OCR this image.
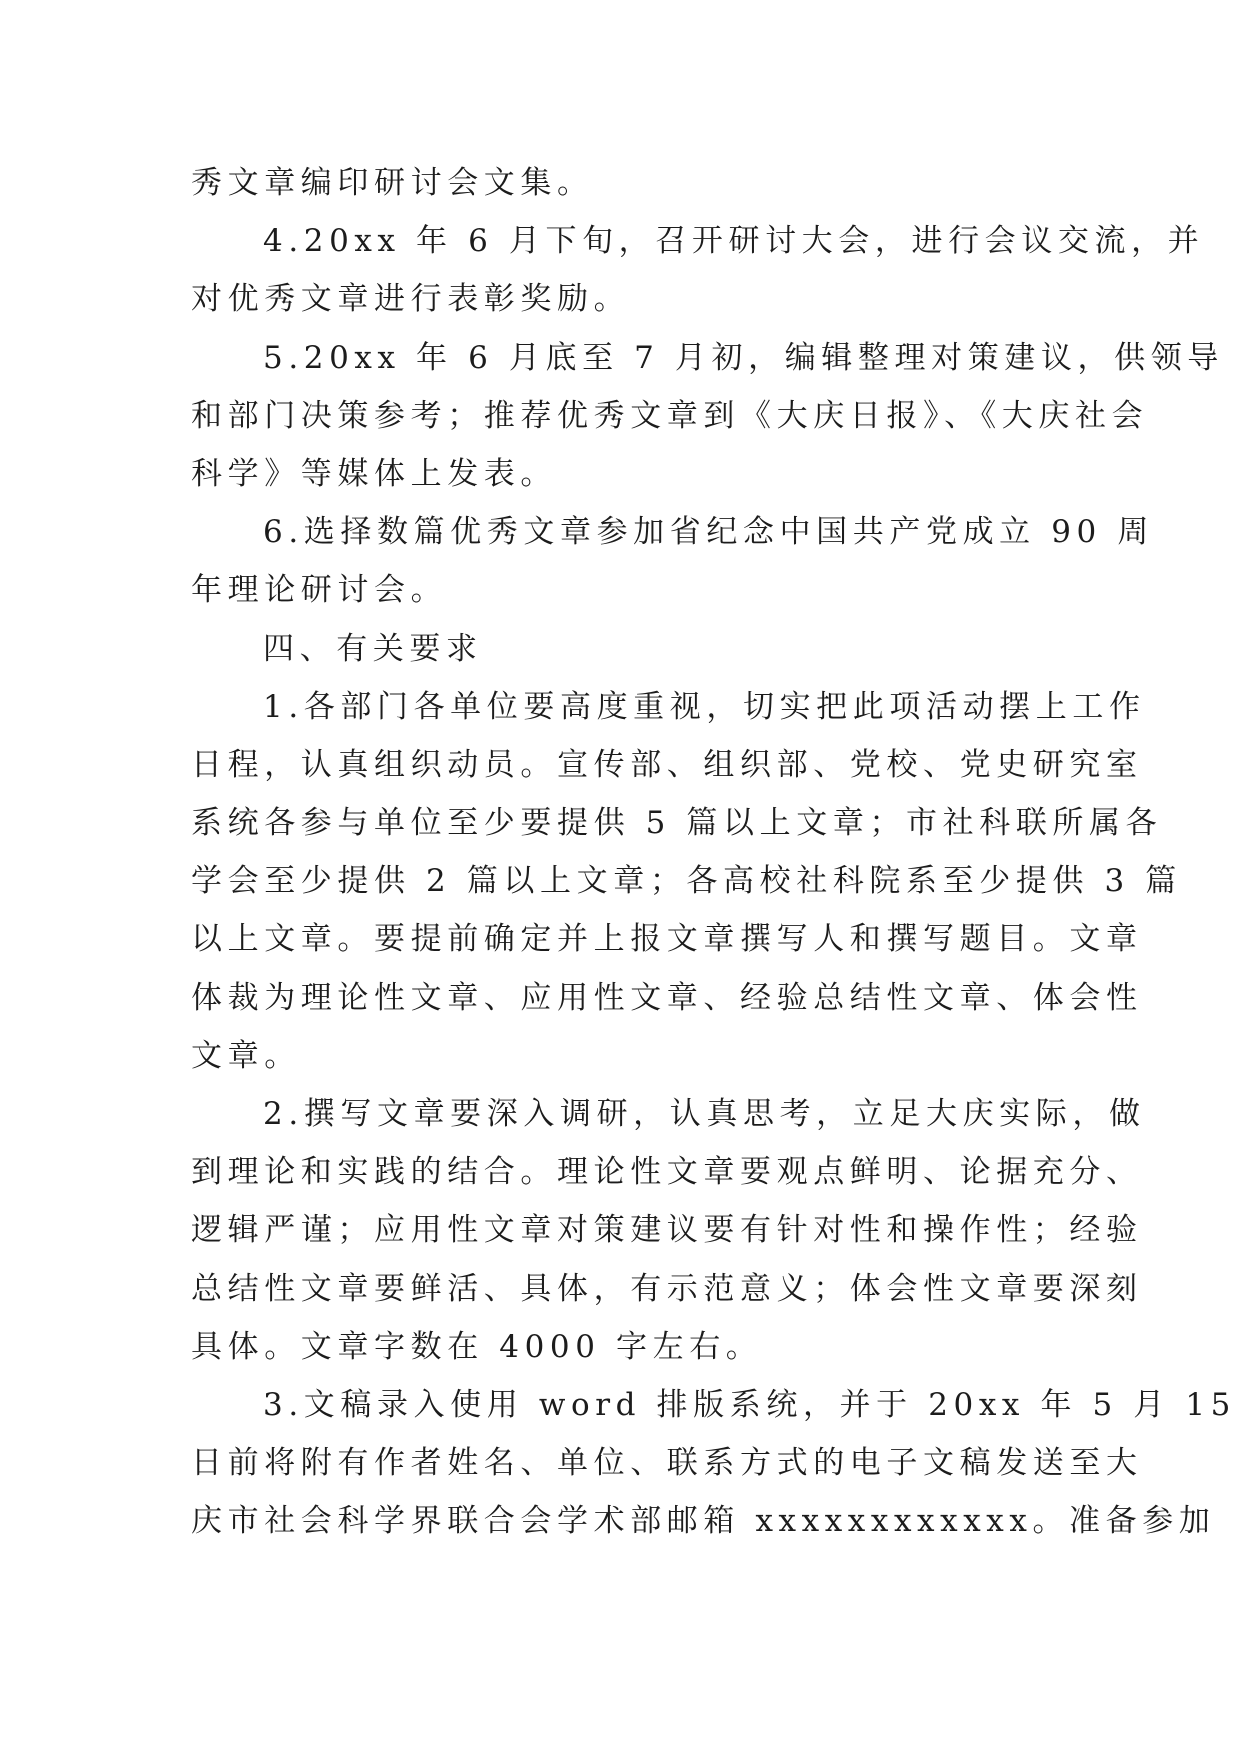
秀文章编印研讨会文集。
4.20xx 年 6 月下旬，召开研讨大会，进行会议交流，并
对优秀文章进行表彰奖励。
5.20xx 年 6 月底至 7 月初，编辑整理对策建议，供领导
和部门决策参考；推荐优秀文章到《大庆日报》、《大庆社会
科学》等媒体上发表。
6.选择数篇优秀文章参加省纪念中国共产党成立 90 周
年理论研讨会。
四、有关要求
1.各部门各单位要高度重视，切实把此项活动摆上工作
日程，认真组织动员。宣传部、组织部、党校、党史研究室
系统各参与单位至少要提供 5 篇以上文章；市社科联所属各
学会至少提供 2 篇以上文章；各高校社科院系至少提供 3 篇
以上文章。要提前确定并上报文章撰写人和撰写题目。文章
体裁为理论性文章、应用性文章、经验总结性文章、体会性
文章。
2.撰写文章要深入调研，认真思考，立足大庆实际，做
到理论和实践的结合。理论性文章要观点鲜明、论据充分、
逻辑严谨；应用性文章对策建议要有针对性和操作性；经验
总结性文章要鲜活、具体，有示范意义；体会性文章要深刻
具体。文章字数在 4000 字左右。
3.文稿录入使用 word 排版系统，并于 20xx 年 5 月 15
日前将附有作者姓名、单位、联系方式的电子文稿发送至大
庆市社会科学界联合会学术部邮箱 xxxxxxxxxxxx。准备参加
